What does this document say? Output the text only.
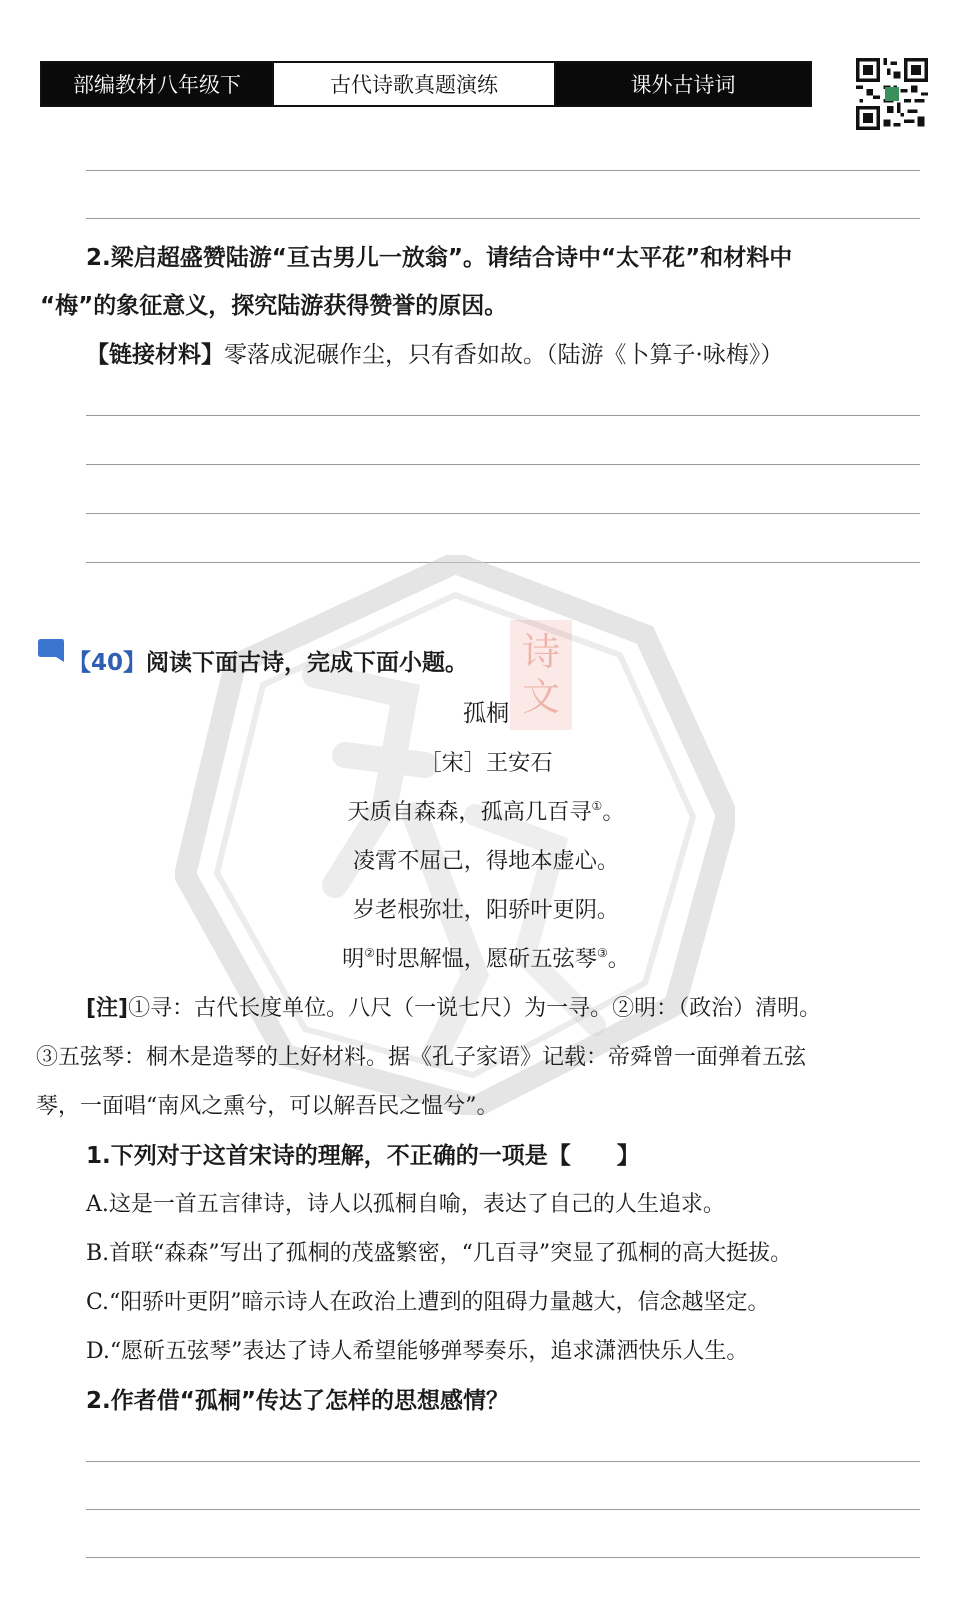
部编教材八年级下	古代诗歌真题演练	课外古诗词
2.梁启超盛赞陆游“亘古男儿一放翁”。请结合诗中“太平花”和材料中
“梅”的象征意义，探究陆游获得赞誉的原因。
【链接材料】零落成泥碾作尘，只有香如故。（陆游《卜算子·咏梅》）
诗
文
【40】阅读下面古诗，完成下面小题。
孤桐
［宋］王安石
天质自森森，孤高几百寻①。
凌霄不屈己，得地本虚心。
岁老根弥壮，阳骄叶更阴。
明②时思解愠，愿斫五弦琴③。
[注]①寻：古代长度单位。八尺（一说七尺）为一寻。②明：（政治）清明。
③五弦琴：桐木是造琴的上好材料。据《孔子家语》记载：帝舜曾一面弹着五弦
琴，一面唱“南风之熏兮，可以解吾民之愠兮”。
1.下列对于这首宋诗的理解，不正确的一项是【　　】
A.这是一首五言律诗，诗人以孤桐自喻，表达了自己的人生追求。
B.首联“森森”写出了孤桐的茂盛繁密，“几百寻”突显了孤桐的高大挺拔。
C.“阳骄叶更阴”暗示诗人在政治上遭到的阻碍力量越大，信念越坚定。
D.“愿斫五弦琴”表达了诗人希望能够弹琴奏乐，追求潇洒快乐人生。
2.作者借“孤桐”传达了怎样的思想感情？
